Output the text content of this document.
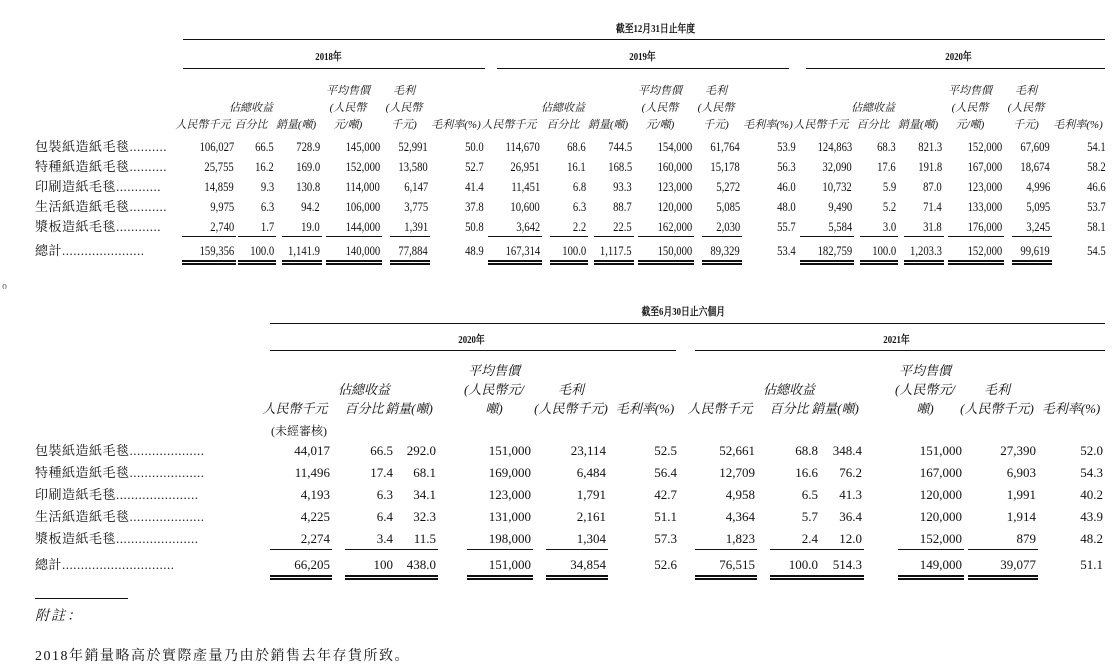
截至12月31日止年度
2018年	2019年	2020年
人民幣千元
佔總收益
百分比 銷量(噸)
平均售價
(人民幣
元/噸)
毛利
(人民幣
千元)	毛利率(%) 人民幣千元
佔總收益
百分比 銷量(噸)
平均售價
(人民幣
元/噸)
毛利
(人民幣
千元)	毛利率(%) 人民幣千元
佔總收益
百分比 銷量(噸)
平均售價
(人民幣
元/噸)
毛利
(人民幣
千元)	毛利率(%)
包裝紙造紙毛毯..........	106,027	66.5	728.9	145,000	52,991	50.0	114,670	68.6	744.5	154,000	61,764	53.9	124,863	68.3	821.3	152,000	67,609	54.1
特種紙造紙毛毯..........	25,755	16.2	169.0	152,000	13,580	52.7	26,951	16.1	168.5	160,000	15,178	56.3	32,090	17.6	191.8	167,000	18,674	58.2
印刷造紙毛毯............	14,859	9.3	130.8	114,000	6,147	41.4	11,451	6.8	93.3	123,000	5,272	46.0	10,732	5.9	87.0	123,000	4,996	46.6
生活紙造紙毛毯..........	9,975	6.3	94.2	106,000	3,775	37.8	10,600	6.3	88.7	120,000	5,085	48.0	9,490	5.2	71.4	133,000	5,095	53.7
漿板造紙毛毯............	2,740	1.7	19.0	144,000	1,391	50.8	3,642	2.2	22.5	162,000	2,030	55.7	5,584	3.0	31.8	176,000	3,245	58.1
總計......................	159,356	100.0	1,141.9	140,000	77,884	48.9	167,314	100.0	1,117.5	150,000	89,329	53.4	182,759	100.0	1,203.3	152,000	99,619	54.5
ი
截至6月30日止六個月
2020年	2021年
人民幣千元
佔總收益
百分比 銷量(噸)
平均售價
(人民幣元/
噸)
毛利
(人民幣千元) 毛利率(%)	人民幣千元
佔總收益
百分比 銷量(噸)
平均售價
(人民幣元/
噸)
毛利
(人民幣千元) 毛利率(%)
(未經審核)
包裝紙造紙毛毯....................	44,017	66.5	292.0	151,000	23,114	52.5	52,661	68.8	348.4	151,000	27,390	52.0
特種紙造紙毛毯....................	11,496	17.4	68.1	169,000	6,484	56.4	12,709	16.6	76.2	167,000	6,903	54.3
印刷造紙毛毯......................	4,193	6.3	34.1	123,000	1,791	42.7	4,958	6.5	41.3	120,000	1,991	40.2
生活紙造紙毛毯....................	4,225	6.4	32.3	131,000	2,161	51.1	4,364	5.7	36.4	120,000	1,914	43.9
漿板造紙毛毯......................	2,274	3.4	11.5	198,000	1,304	57.3	1,823	2.4	12.0	152,000	879	48.2
總計..............................	66,205	100	438.0	151,000	34,854	52.6	76,515	100.0	514.3	149,000	39,077	51.1
附註：
2018年銷量略高於實際產量乃由於銷售去年存貨所致。
